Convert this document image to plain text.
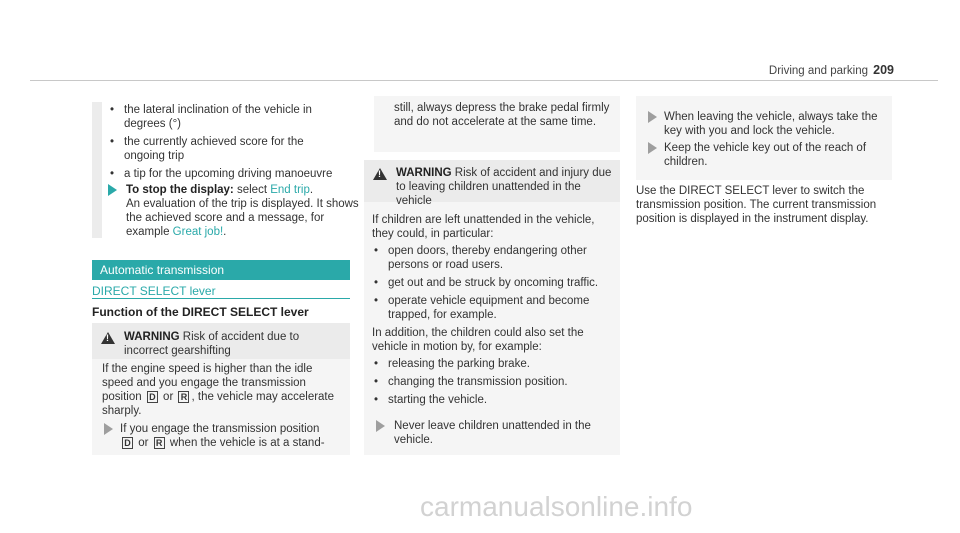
Driving and parking 209
• the lateral inclination of the vehicle in degrees (°)
• the currently achieved score for the ongoing trip
• a tip for the upcoming driving manoeuvre
To stop the display: select End trip.
An evaluation of the trip is displayed. It shows the achieved score and a message, for example Great job!.
Automatic transmission
DIRECT SELECT lever
Function of the DIRECT SELECT lever
!
WARNING Risk of accident due to incorrect gearshifting
If the engine speed is higher than the idle speed and you engage the transmission position D or R , the vehicle may accelerate sharply.
If you engage the transmission position
D or R when the vehicle is at a stand-
still, always depress the brake pedal firmly and do not accelerate at the same time.
!
WARNING Risk of accident and injury due to leaving children unattended in the vehicle
If children are left unattended in the vehicle, they could, in particular:
• open doors, thereby endangering other persons or road users.
• get out and be struck by oncoming traffic.
• operate vehicle equipment and become trapped, for example.
In addition, the children could also set the vehicle in motion by, for example:
• releasing the parking brake.
• changing the transmission position.
• starting the vehicle.
Never leave children unattended in the vehicle.
When leaving the vehicle, always take the key with you and lock the vehicle.
Keep the vehicle key out of the reach of children.
Use the DIRECT SELECT lever to switch the transmission position. The current transmission position is displayed in the instrument display.
carmanualsonline.info
